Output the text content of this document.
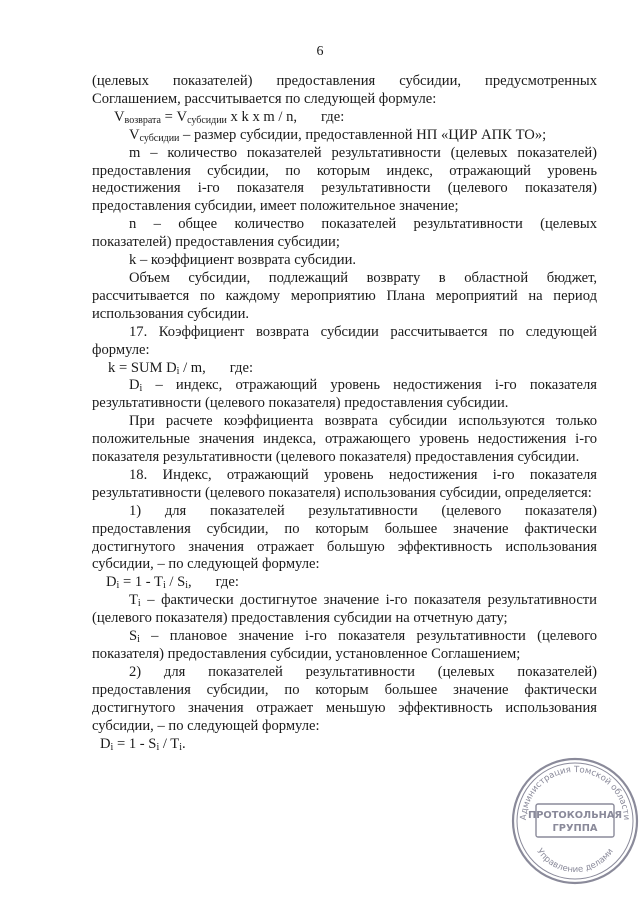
6

(целевых показателей) предоставления субсидии, предусмотренных Соглашением, рассчитывается по следующей формуле:

$V_{возврата} = V_{субсидии}$ x k x m / n, где:

$V_{субсидии}$ – размер субсидии, предоставленной НП «ЦИР АПК ТО»;

m – количество показателей результативности (целевых показателей) предоставления субсидии, по которым индекс, отражающий уровень недостижения i-го показателя результативности (целевого показателя) предоставления субсидии, имеет положительное значение;

n – общее количество показателей результативности (целевых показателей) предоставления субсидии;

k – коэффициент возврата субсидии.

Объем субсидии, подлежащий возврату в областной бюджет, рассчитывается по каждому мероприятию Плана мероприятий на период использования субсидии.

17. Коэффициент возврата субсидии рассчитывается по следующей формуле:

k = SUM $D_i$ / m, где:

$D_i$ – индекс, отражающий уровень недостижения i-го показателя результативности (целевого показателя) предоставления субсидии.

При расчете коэффициента возврата субсидии используются только положительные значения индекса, отражающего уровень недостижения i-го показателя результативности (целевого показателя) предоставления субсидии.

18. Индекс, отражающий уровень недостижения i-го показателя результативности (целевого показателя) использования субсидии, определяется:

1) для показателей результативности (целевого показателя) предоставления субсидии, по которым большее значение фактически достигнутого значения отражает большую эффективность использования субсидии, – по следующей формуле:

$D_i = 1 - T_i / S_i$, где:

$T_i$ – фактически достигнутое значение i-го показателя результативности (целевого показателя) предоставления субсидии на отчетную дату;

$S_i$ – плановое значение i-го показателя результативности (целевого показателя) предоставления субсидии, установленное Соглашением;

2) для показателей результативности (целевых показателей) предоставления субсидии, по которым большее значение фактически достигнутого значения отражает меньшую эффективность использования субсидии, – по следующей формуле:

$D_i = 1 - S_i / T_i$.

Администрация Томской области
Управление делами
ПРОТОКОЛЬНАЯ
ГРУППА
